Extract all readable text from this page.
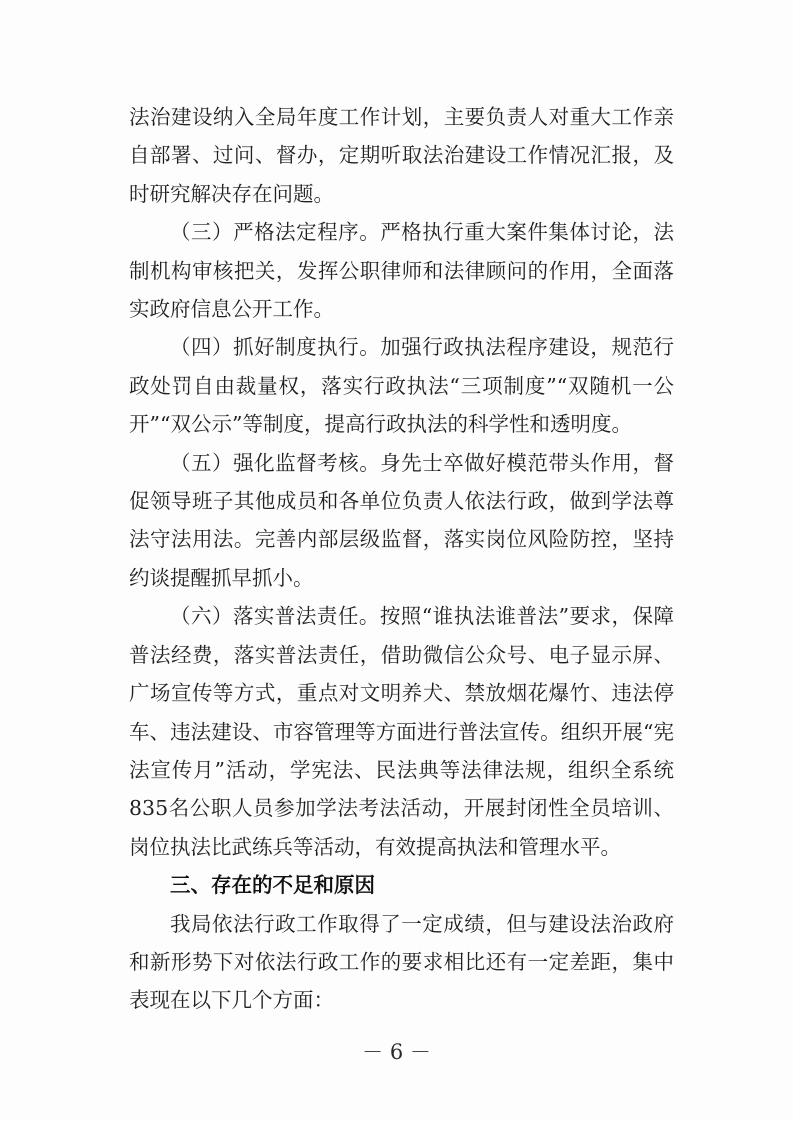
法治建设纳入全局年度工作计划，主要负责人对重大工作亲自部署、过问、督办，定期听取法治建设工作情况汇报，及时研究解决存在问题。

（三）严格法定程序。严格执行重大案件集体讨论，法制机构审核把关，发挥公职律师和法律顾问的作用，全面落实政府信息公开工作。

（四）抓好制度执行。加强行政执法程序建设，规范行政处罚自由裁量权，落实行政执法“三项制度”“双随机一公开”“双公示”等制度，提高行政执法的科学性和透明度。

（五）强化监督考核。身先士卒做好模范带头作用，督促领导班子其他成员和各单位负责人依法行政，做到学法尊法守法用法。完善内部层级监督，落实岗位风险防控，坚持约谈提醒抓早抓小。

（六）落实普法责任。按照“谁执法谁普法”要求，保障普法经费，落实普法责任，借助微信公众号、电子显示屏、广场宣传等方式，重点对文明养犬、禁放烟花爆竹、违法停车、违法建设、市容管理等方面进行普法宣传。组织开展“宪法宣传月”活动，学宪法、民法典等法律法规，组织全系统835名公职人员参加学法考法活动，开展封闭性全员培训、岗位执法比武练兵等活动，有效提高执法和管理水平。

三、存在的不足和原因

我局依法行政工作取得了一定成绩，但与建设法治政府和新形势下对依法行政工作的要求相比还有一定差距，集中表现在以下几个方面：

－ 6 －
